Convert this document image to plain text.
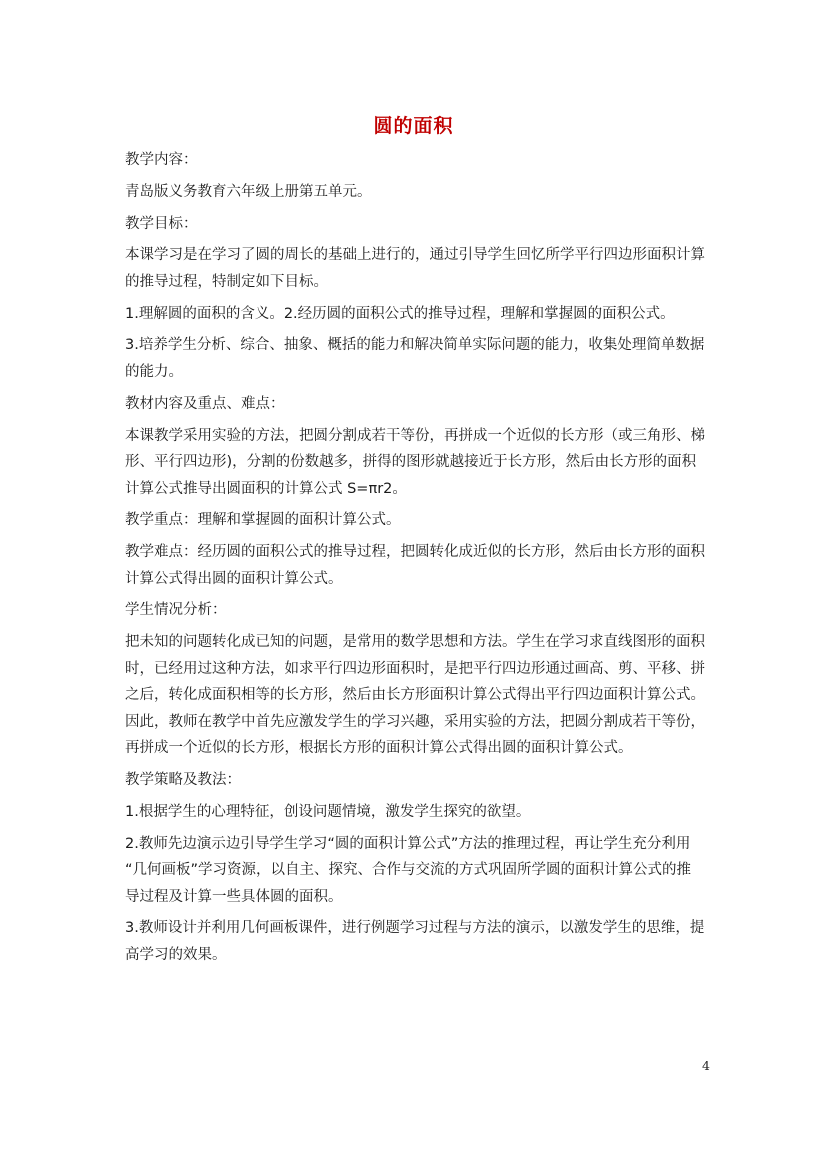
圆的面积
教学内容：
青岛版义务教育六年级上册第五单元。
教学目标：
本课学习是在学习了圆的周长的基础上进行的，通过引导学生回忆所学平行四边形面积计算
的推导过程，特制定如下目标。
1.理解圆的面积的含义。2.经历圆的面积公式的推导过程，理解和掌握圆的面积公式。
3.培养学生分析、综合、抽象、概括的能力和解决简单实际问题的能力，收集处理简单数据
的能力。
教材内容及重点、难点：
本课教学采用实验的方法，把圆分割成若干等份，再拼成一个近似的长方形（或三角形、梯
形、平行四边形)，分割的份数越多，拼得的图形就越接近于长方形，然后由长方形的面积
计算公式推导出圆面积的计算公式 S=πr2。
教学重点：理解和掌握圆的面积计算公式。
教学难点：经历圆的面积公式的推导过程，把圆转化成近似的长方形，然后由长方形的面积
计算公式得出圆的面积计算公式。
学生情况分析：
把未知的问题转化成已知的问题，是常用的数学思想和方法。学生在学习求直线图形的面积
时，已经用过这种方法，如求平行四边形面积时，是把平行四边形通过画高、剪、平移、拼
之后，转化成面积相等的长方形，然后由长方形面积计算公式得出平行四边面积计算公式。
因此，教师在教学中首先应激发学生的学习兴趣，采用实验的方法，把圆分割成若干等份，
再拼成一个近似的长方形，根据长方形的面积计算公式得出圆的面积计算公式。
教学策略及教法：
1.根据学生的心理特征，创设问题情境，激发学生探究的欲望。
2.教师先边演示边引导学生学习“圆的面积计算公式”方法的推理过程，再让学生充分利用
“几何画板”学习资源，以自主、探究、合作与交流的方式巩固所学圆的面积计算公式的推
导过程及计算一些具体圆的面积。
3.教师设计并利用几何画板课件，进行例题学习过程与方法的演示，以激发学生的思维，提
高学习的效果。
4
